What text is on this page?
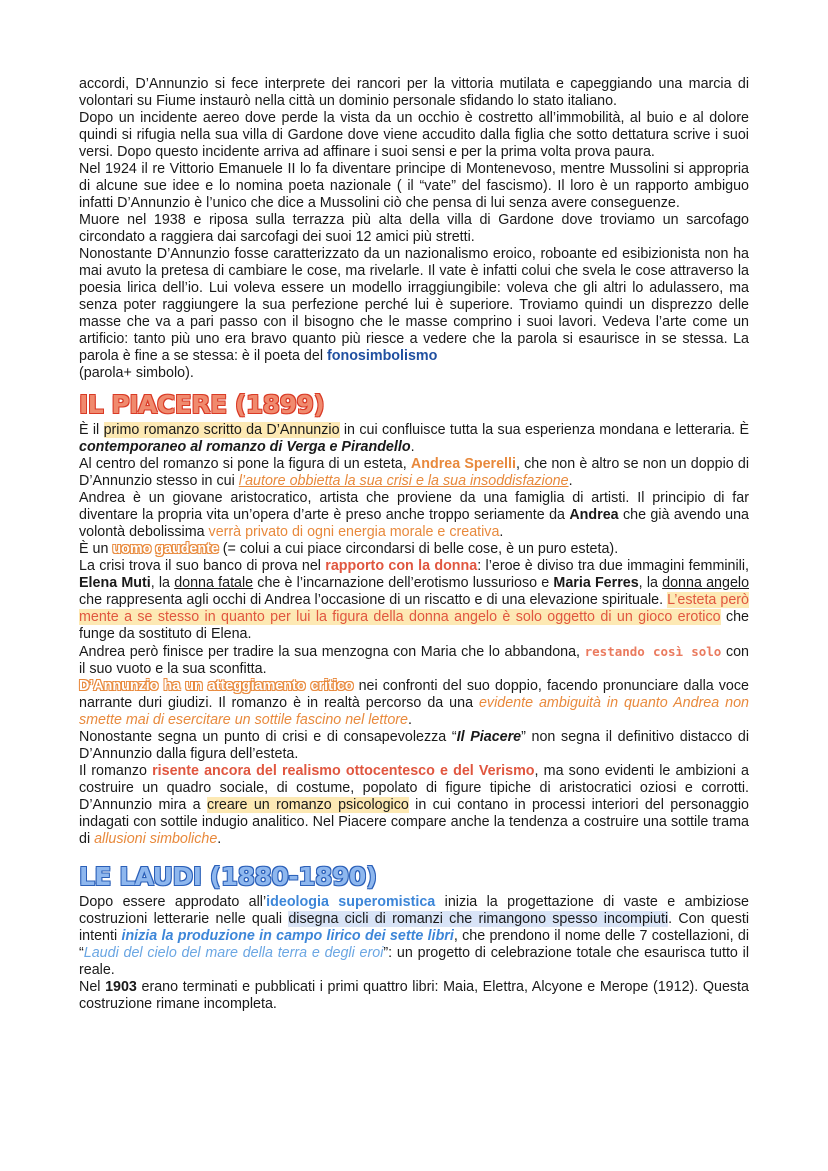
accordi, D’Annunzio si fece interprete dei rancori per la vittoria mutilata e capeggiando una marcia di volontari su Fiume instaurò nella città un dominio personale sfidando lo stato italiano.

Dopo un incidente aereo dove perde la vista da un occhio è costretto all’immobilità, al buio e al dolore quindi si rifugia nella sua villa di Gardone dove viene accudito dalla figlia che sotto dettatura scrive i suoi versi. Dopo questo incidente arriva ad affinare i suoi sensi e per la prima volta prova paura.

Nel 1924 il re Vittorio Emanuele II lo fa diventare principe di Montenevoso, mentre Mussolini si appropria di alcune sue idee e lo nomina poeta nazionale ( il “vate” del fascismo). Il loro è un rapporto ambiguo infatti D’Annunzio è l’unico che dice a Mussolini ciò che pensa di lui senza avere conseguenze.

Muore nel 1938 e riposa sulla terrazza più alta della villa di Gardone dove troviamo un sarcofago circondato a raggiera dai sarcofagi dei suoi 12 amici più stretti.

Nonostante D’Annunzio fosse caratterizzato da un nazionalismo eroico, roboante ed esibizionista non ha mai avuto la pretesa di cambiare le cose, ma rivelarle. Il vate è infatti colui che svela le cose attraverso la poesia lirica dell’io. Lui voleva essere un modello irraggiungibile: voleva che gli altri lo adulassero, ma senza poter raggiungere la sua perfezione perché lui è superiore. Troviamo quindi un disprezzo delle masse che va a pari passo con il bisogno che le masse comprino i suoi lavori. Vedeva l’arte come un artificio: tanto più uno era bravo quanto più riesce a vedere che la parola si esaurisce in se stessa. La parola è fine a se stessa: è il poeta del fonosimbolismo
(parola+ simbolo).

IL PIACERE (1899)

È il primo romanzo scritto da D’Annunzio in cui confluisce tutta la sua esperienza mondana e letteraria. È contemporaneo al romanzo di Verga e Pirandello.

Al centro del romanzo si pone la figura di un esteta, Andrea Sperelli, che non è altro se non un doppio di D’Annunzio stesso in cui l’autore obbietta la sua crisi e la sua insoddisfazione.

Andrea è un giovane aristocratico, artista che proviene da una famiglia di artisti. Il principio di far diventare la propria vita un’opera d’arte è preso anche troppo seriamente da Andrea che già avendo una volontà debolissima verrà privato di ogni energia morale e creativa.

È un uomo gaudente (= colui a cui piace circondarsi di belle cose, è un puro esteta).

La crisi trova il suo banco di prova nel rapporto con la donna: l’eroe è diviso tra due immagini femminili, Elena Muti, la donna fatale che è l’incarnazione dell’erotismo lussurioso e Maria Ferres, la donna angelo che rappresenta agli occhi di Andrea l’occasione di un riscatto e di una elevazione spirituale. L’esteta però mente a se stesso in quanto per lui la figura della donna angelo è solo oggetto di un gioco erotico che funge da sostituto di Elena.

Andrea però finisce per tradire la sua menzogna con Maria che lo abbandona, restando così solo con il suo vuoto e la sua sconfitta.

D’Annunzio ha un atteggiamento critico nei confronti del suo doppio, facendo pronunciare dalla voce narrante duri giudizi. Il romanzo è in realtà percorso da una evidente ambiguità in quanto Andrea non smette mai di esercitare un sottile fascino nel lettore.

Nonostante segna un punto di crisi e di consapevolezza “Il Piacere” non segna il definitivo distacco di D’Annunzio dalla figura dell’esteta.

Il romanzo risente ancora del realismo ottocentesco e del Verismo, ma sono evidenti le ambizioni a costruire un quadro sociale, di costume, popolato di figure tipiche di aristocratici oziosi e corrotti. D’Annunzio mira a creare un romanzo psicologico in cui contano in processi interiori del personaggio indagati con sottile indugio analitico. Nel Piacere compare anche la tendenza a costruire una sottile trama di allusioni simboliche.

LE LAUDI (1880-1890)

Dopo essere approdato all’ideologia superomistica inizia la progettazione di vaste e ambiziose costruzioni letterarie nelle quali disegna cicli di romanzi che rimangono spesso incompiuti. Con questi intenti inizia la produzione in campo lirico dei sette libri, che prendono il nome delle 7 costellazioni, di “Laudi del cielo del mare della terra e degli eroi”: un progetto di celebrazione totale che esaurisca tutto il reale.

Nel 1903 erano terminati e pubblicati i primi quattro libri: Maia, Elettra, Alcyone e Merope (1912). Questa costruzione rimane incompleta.
